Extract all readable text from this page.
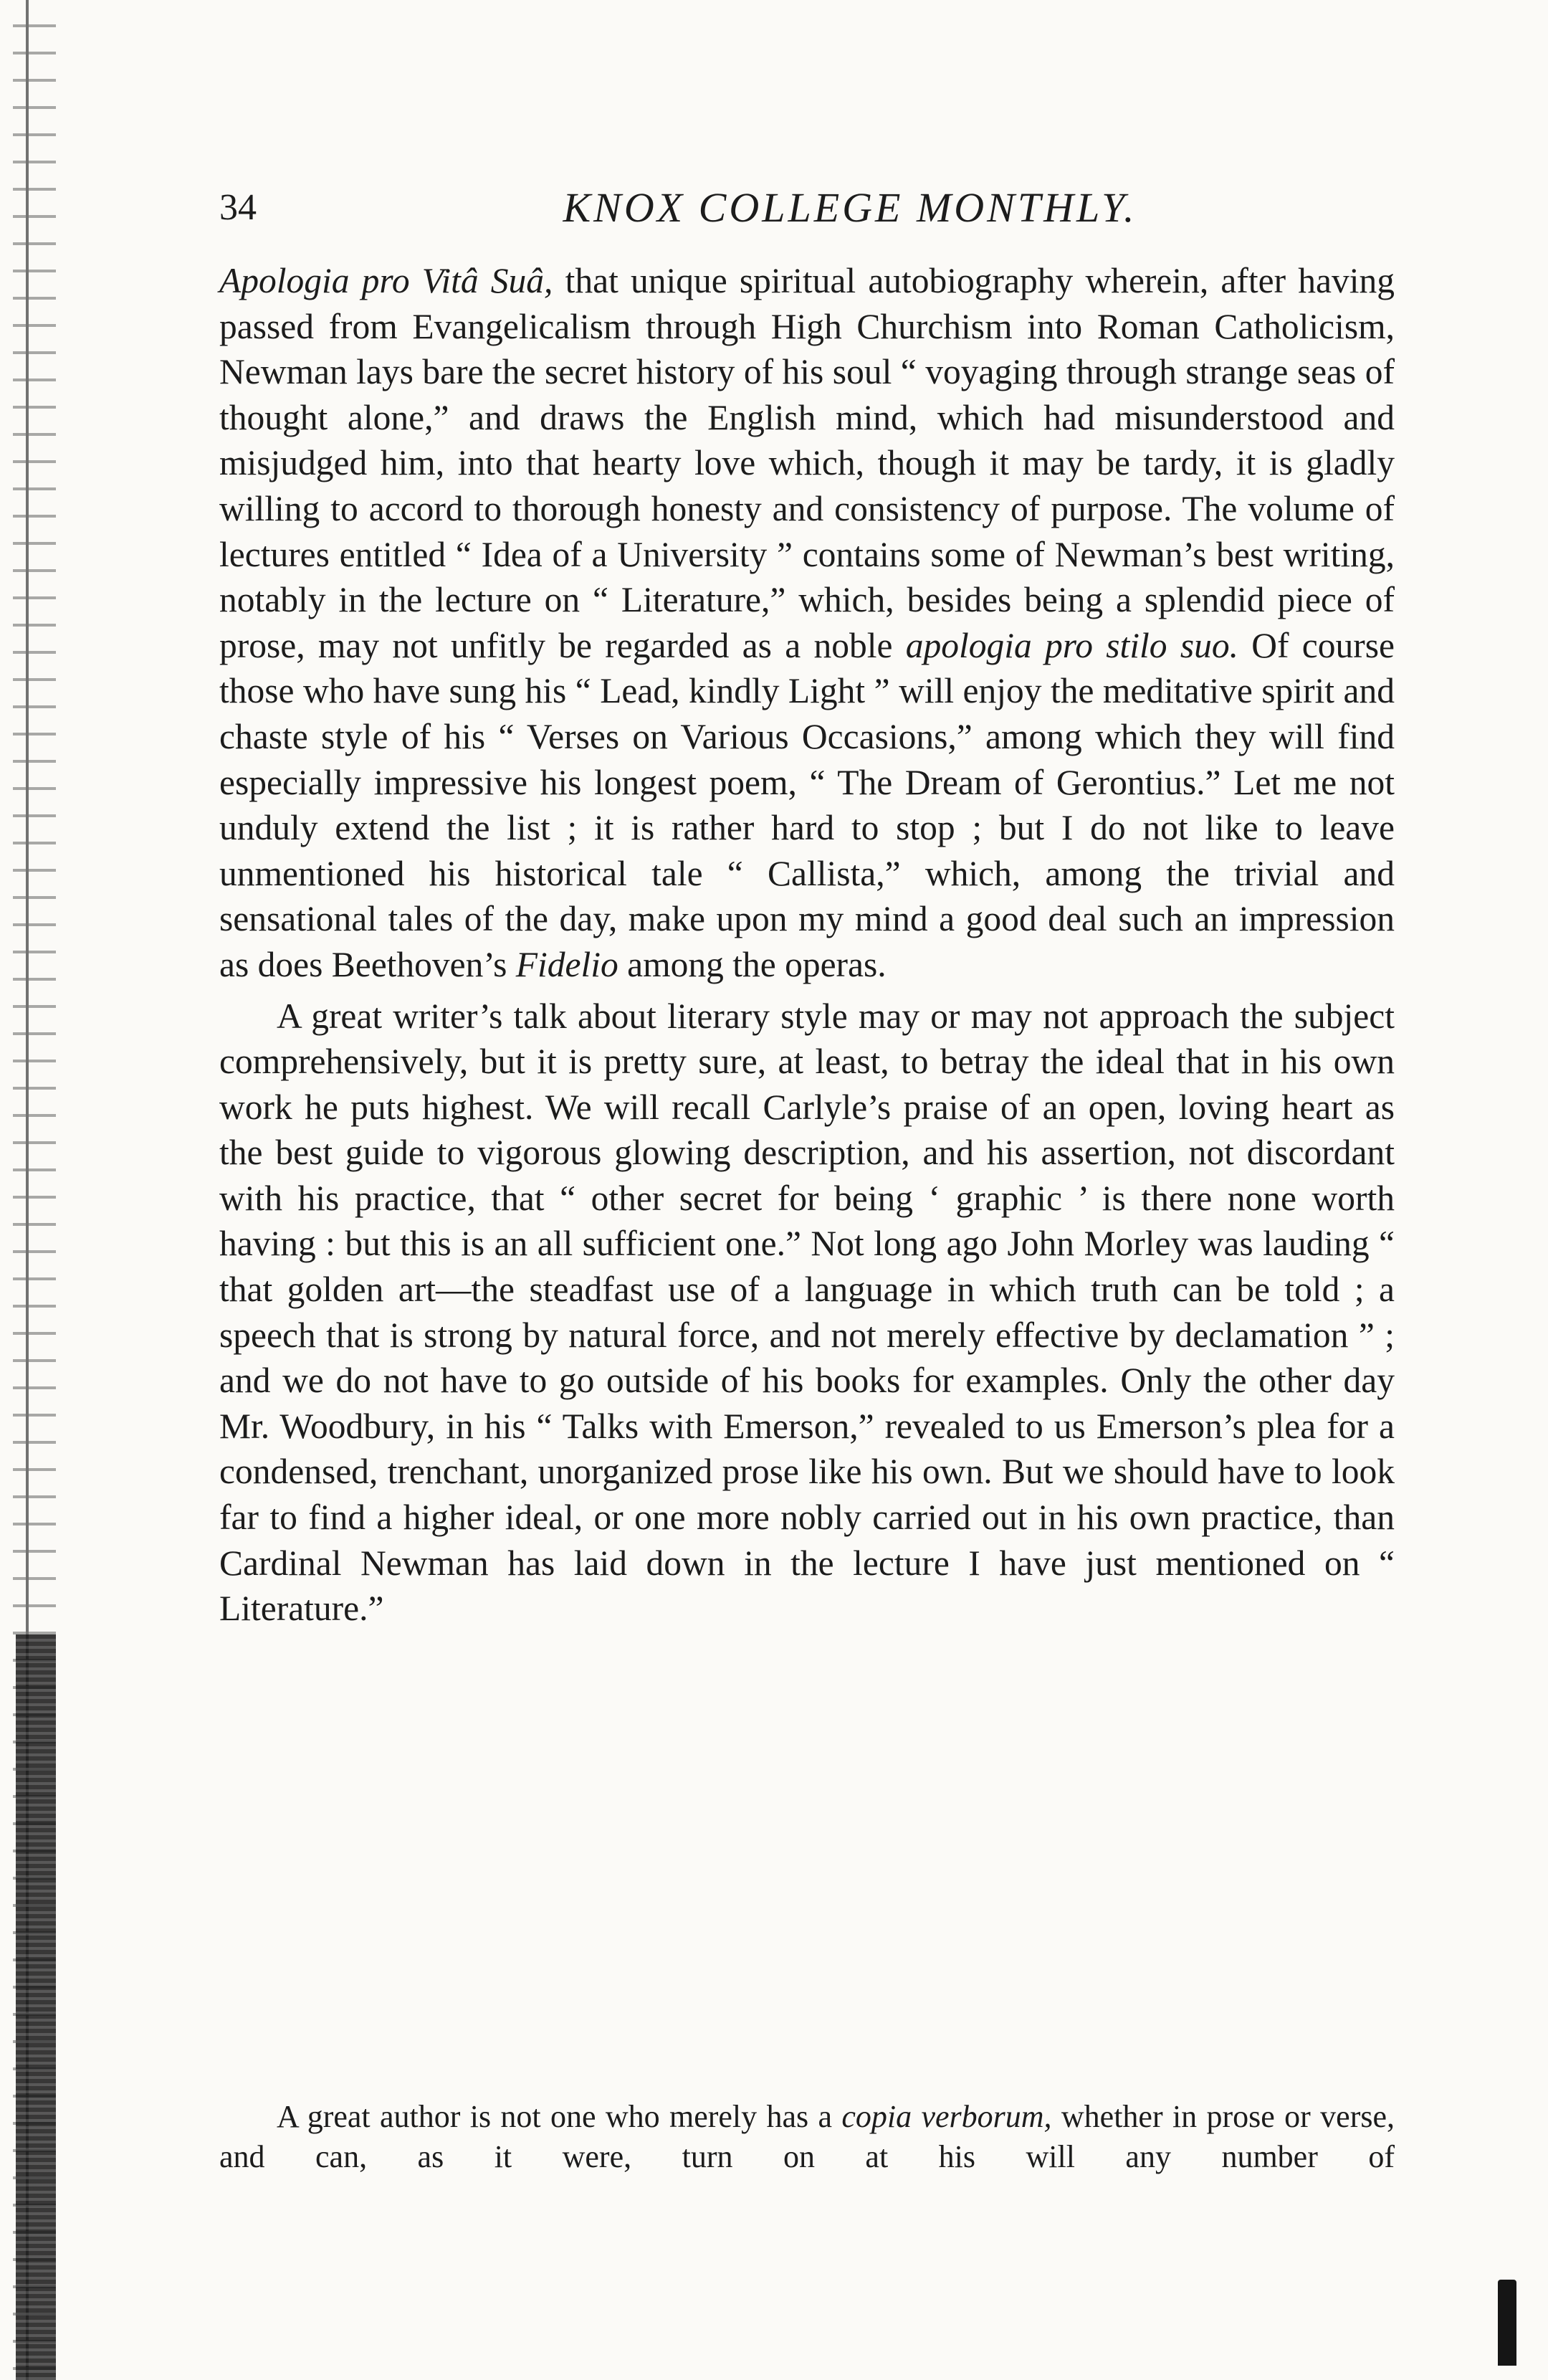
34	KNOX COLLEGE MONTHLY.

Apologia pro Vitâ Suâ, that unique spiritual autobiography wherein, after having passed from Evangelicalism through High Churchism into Roman Catholicism, Newman lays bare the secret history of his soul “ voyaging through strange seas of thought alone,” and draws the English mind, which had misunderstood and misjudged him, into that hearty love which, though it may be tardy, it is gladly willing to accord to thorough honesty and consistency of purpose. The volume of lectures entitled “ Idea of a University ” contains some of Newman’s best writing, notably in the lecture on “ Literature,” which, besides being a splendid piece of prose, may not unfitly be regarded as a noble apologia pro stilo suo. Of course those who have sung his “ Lead, kindly Light ” will enjoy the meditative spirit and chaste style of his “ Verses on Various Occasions,” among which they will find especially impressive his longest poem, “ The Dream of Gerontius.” Let me not unduly extend the list ; it is rather hard to stop ; but I do not like to leave unmentioned his historical tale “ Callista,” which, among the trivial and sensational tales of the day, make upon my mind a good deal such an impression as does Beethoven’s Fidelio among the operas.

A great writer’s talk about literary style may or may not approach the subject comprehensively, but it is pretty sure, at least, to betray the ideal that in his own work he puts highest. We will recall Carlyle’s praise of an open, loving heart as the best guide to vigorous glowing description, and his assertion, not discordant with his practice, that “ other secret for being ‘ graphic ’ is there none worth having : but this is an all sufficient one.” Not long ago John Morley was lauding “ that golden art—the steadfast use of a language in which truth can be told ; a speech that is strong by natural force, and not merely effective by declamation ” ; and we do not have to go outside of his books for examples. Only the other day Mr. Woodbury, in his “ Talks with Emerson,” revealed to us Emerson’s plea for a condensed, trenchant, unorganized prose like his own. But we should have to look far to find a higher ideal, or one more nobly carried out in his own practice, than Cardinal Newman has laid down in the lecture I have just mentioned on “ Literature.”

A great author is not one who merely has a copia verborum, whether in prose or verse, and can, as it were, turn on at his will any number of
